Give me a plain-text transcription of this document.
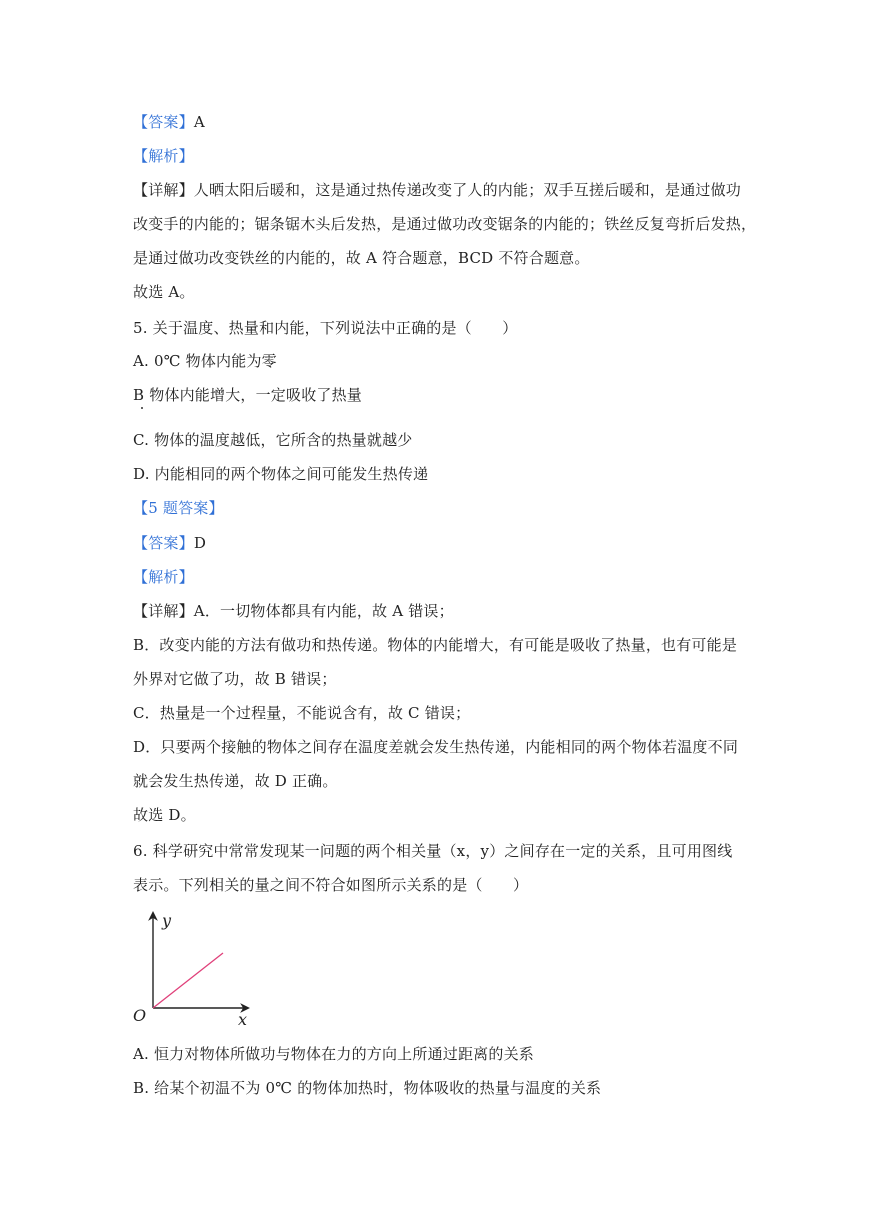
【答案】A
【解析】
【详解】人晒太阳后暖和，这是通过热传递改变了人的内能；双手互搓后暖和，是通过做功
改变手的内能的；锯条锯木头后发热，是通过做功改变锯条的内能的；铁丝反复弯折后发热，
是通过做功改变铁丝的内能的，故 A 符合题意，BCD 不符合题意。
故选 A。
5. 关于温度、热量和内能，下列说法中正确的是（　　）
A. 0℃ 物体内能为零
B 物体内能增大，一定吸收了热量
C. 物体的温度越低，它所含的热量就越少
D. 内能相同的两个物体之间可能发生热传递
【5 题答案】
【答案】D
【解析】
【详解】A．一切物体都具有内能，故 A 错误；
B．改变内能的方法有做功和热传递。物体的内能增大，有可能是吸收了热量，也有可能是
外界对它做了功，故 B 错误；
C．热量是一个过程量，不能说含有，故 C 错误；
D．只要两个接触的物体之间存在温度差就会发生热传递，内能相同的两个物体若温度不同
就会发生热传递，故 D 正确。
故选 D。
6. 科学研究中常常发现某一问题的两个相关量（x，y）之间存在一定的关系，且可用图线
表示。下列相关的量之间不符合如图所示关系的是（　　）
A. 恒力对物体所做功与物体在力的方向上所通过距离的关系
B. 给某个初温不为 0℃ 的物体加热时，物体吸收的热量与温度的关系
y
x
O
